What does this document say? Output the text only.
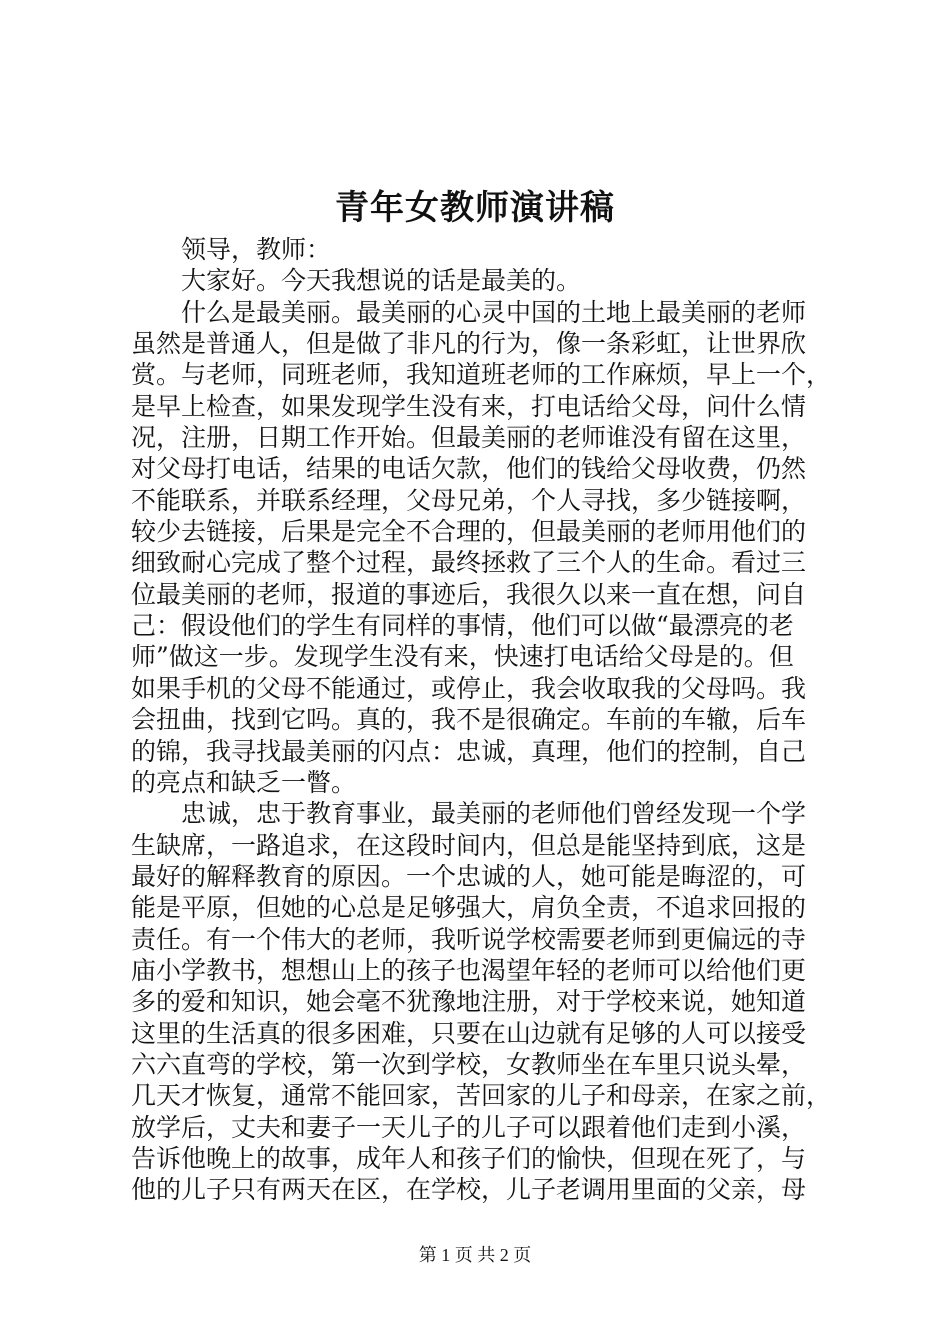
青年女教师演讲稿
领导，教师：
大家好。今天我想说的话是最美的。
什么是最美丽。最美丽的心灵中国的土地上最美丽的老师
虽然是普通人，但是做了非凡的行为，像一条彩虹，让世界欣
赏。与老师，同班老师，我知道班老师的工作麻烦，早上一个，
是早上检查，如果发现学生没有来，打电话给父母，问什么情
况，注册，日期工作开始。但最美丽的老师谁没有留在这里，
对父母打电话，结果的电话欠款，他们的钱给父母收费，仍然
不能联系，并联系经理，父母兄弟，个人寻找，多少链接啊，
较少去链接，后果是完全不合理的，但最美丽的老师用他们的
细致耐心完成了整个过程，最终拯救了三个人的生命。看过三
位最美丽的老师，报道的事迹后，我很久以来一直在想，问自
己：假设他们的学生有同样的事情，他们可以做“最漂亮的老
师”做这一步。发现学生没有来，快速打电话给父母是的。但
如果手机的父母不能通过，或停止，我会收取我的父母吗。我
会扭曲，找到它吗。真的，我不是很确定。车前的车辙，后车
的锦，我寻找最美丽的闪点：忠诚，真理，他们的控制，自己
的亮点和缺乏一瞥。
忠诚，忠于教育事业，最美丽的老师他们曾经发现一个学
生缺席，一路追求，在这段时间内，但总是能坚持到底，这是
最好的解释教育的原因。一个忠诚的人，她可能是晦涩的，可
能是平原，但她的心总是足够强大，肩负全责，不追求回报的
责任。有一个伟大的老师，我听说学校需要老师到更偏远的寺
庙小学教书，想想山上的孩子也渴望年轻的老师可以给他们更
多的爱和知识，她会毫不犹豫地注册，对于学校来说，她知道
这里的生活真的很多困难，只要在山边就有足够的人可以接受
六六直弯的学校，第一次到学校，女教师坐在车里只说头晕，
几天才恢复，通常不能回家，苦回家的儿子和母亲，在家之前，
放学后，丈夫和妻子一天儿子的儿子可以跟着他们走到小溪，
告诉他晚上的故事，成年人和孩子们的愉快，但现在死了，与
他的儿子只有两天在区，在学校，儿子老调用里面的父亲，母
第 1 页 共 2 页
